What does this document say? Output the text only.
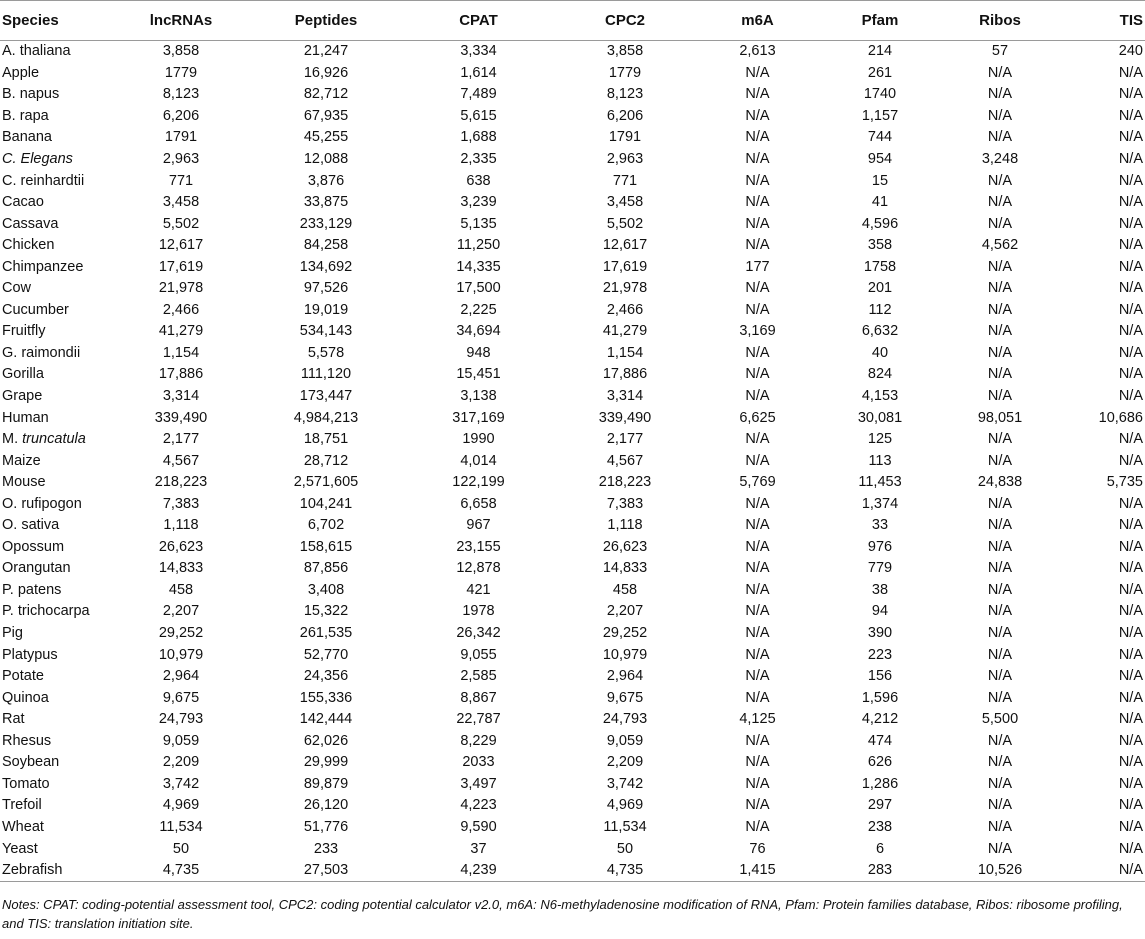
Species	lncRNAs	Peptides	CPAT	CPC2	m6A	Pfam	Ribos	TIS
A. thaliana	3,858	21,247	3,334	3,858	2,613	214	57	240
Apple	1779	16,926	1,614	1779	N/A	261	N/A	N/A
B. napus	8,123	82,712	7,489	8,123	N/A	1740	N/A	N/A
B. rapa	6,206	67,935	5,615	6,206	N/A	1,157	N/A	N/A
Banana	1791	45,255	1,688	1791	N/A	744	N/A	N/A
C. Elegans	2,963	12,088	2,335	2,963	N/A	954	3,248	N/A
C. reinhardtii	771	3,876	638	771	N/A	15	N/A	N/A
Cacao	3,458	33,875	3,239	3,458	N/A	41	N/A	N/A
Cassava	5,502	233,129	5,135	5,502	N/A	4,596	N/A	N/A
Chicken	12,617	84,258	11,250	12,617	N/A	358	4,562	N/A
Chimpanzee	17,619	134,692	14,335	17,619	177	1758	N/A	N/A
Cow	21,978	97,526	17,500	21,978	N/A	201	N/A	N/A
Cucumber	2,466	19,019	2,225	2,466	N/A	112	N/A	N/A
Fruitfly	41,279	534,143	34,694	41,279	3,169	6,632	N/A	N/A
G. raimondii	1,154	5,578	948	1,154	N/A	40	N/A	N/A
Gorilla	17,886	111,120	15,451	17,886	N/A	824	N/A	N/A
Grape	3,314	173,447	3,138	3,314	N/A	4,153	N/A	N/A
Human	339,490	4,984,213	317,169	339,490	6,625	30,081	98,051	10,686
M. truncatula	2,177	18,751	1990	2,177	N/A	125	N/A	N/A
Maize	4,567	28,712	4,014	4,567	N/A	113	N/A	N/A
Mouse	218,223	2,571,605	122,199	218,223	5,769	11,453	24,838	5,735
O. rufipogon	7,383	104,241	6,658	7,383	N/A	1,374	N/A	N/A
O. sativa	1,118	6,702	967	1,118	N/A	33	N/A	N/A
Opossum	26,623	158,615	23,155	26,623	N/A	976	N/A	N/A
Orangutan	14,833	87,856	12,878	14,833	N/A	779	N/A	N/A
P. patens	458	3,408	421	458	N/A	38	N/A	N/A
P. trichocarpa	2,207	15,322	1978	2,207	N/A	94	N/A	N/A
Pig	29,252	261,535	26,342	29,252	N/A	390	N/A	N/A
Platypus	10,979	52,770	9,055	10,979	N/A	223	N/A	N/A
Potate	2,964	24,356	2,585	2,964	N/A	156	N/A	N/A
Quinoa	9,675	155,336	8,867	9,675	N/A	1,596	N/A	N/A
Rat	24,793	142,444	22,787	24,793	4,125	4,212	5,500	N/A
Rhesus	9,059	62,026	8,229	9,059	N/A	474	N/A	N/A
Soybean	2,209	29,999	2033	2,209	N/A	626	N/A	N/A
Tomato	3,742	89,879	3,497	3,742	N/A	1,286	N/A	N/A
Trefoil	4,969	26,120	4,223	4,969	N/A	297	N/A	N/A
Wheat	11,534	51,776	9,590	11,534	N/A	238	N/A	N/A
Yeast	50	233	37	50	76	6	N/A	N/A
Zebrafish	4,735	27,503	4,239	4,735	1,415	283	10,526	N/A

Notes: CPAT: coding-potential assessment tool, CPC2: coding potential calculator v2.0, m6A: N6-methyladenosine modification of RNA, Pfam: Protein families database, Ribos: ribosome profiling, and TIS: translation initiation site.
